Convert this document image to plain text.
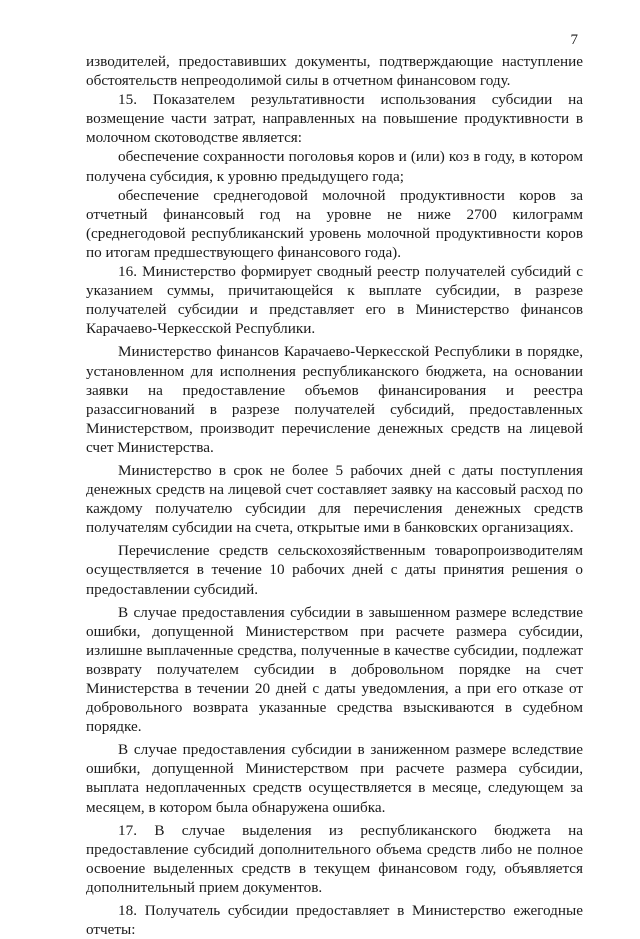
7

изводителей, предоставивших документы, подтверждающие наступление обстоятельств непреодолимой силы в отчетном финансовом году.

15. Показателем результативности использования субсидии на возмещение части затрат, направленных на повышение продуктивности в молочном скотоводстве является:

обеспечение сохранности поголовья коров и (или) коз в году, в котором получена субсидия, к уровню предыдущего года;

обеспечение среднегодовой молочной продуктивности коров за отчетный финансовый год на уровне не ниже 2700 килограмм (среднегодовой республиканский уровень молочной продуктивности коров по итогам предшествующего финансового года).

16. Министерство формирует сводный реестр получателей субсидий с указанием суммы, причитающейся к выплате субсидии, в разрезе получателей субсидии и представляет его в Министерство финансов Карачаево-Черкесской Республики.

Министерство финансов Карачаево-Черкесской Республики в порядке, установленном для исполнения республиканского бюджета, на основании заявки на предоставление объемов финансирования и реестра разассигнований в разрезе получателей субсидий, предоставленных Министерством, производит перечисление денежных средств на лицевой счет Министерства.

Министерство в срок не более 5 рабочих дней с даты поступления денежных средств на лицевой счет составляет заявку на кассовый расход по каждому получателю субсидии для перечисления денежных средств получателям субсидии на счета, открытые ими в банковских организациях.

Перечисление средств сельскохозяйственным товаропроизводителям осуществляется в течение 10 рабочих дней с даты принятия решения о предоставлении субсидий.

В случае предоставления субсидии в завышенном размере вследствие ошибки, допущенной Министерством при расчете размера субсидии, излишне выплаченные средства, полученные в качестве субсидии, подлежат возврату получателем субсидии в добровольном порядке на счет Министерства в течении 20 дней с даты уведомления, а при его отказе от добровольного возврата указанные средства взыскиваются в судебном порядке.

В случае предоставления субсидии в заниженном размере вследствие ошибки, допущенной Министерством при расчете размера субсидии, выплата недоплаченных средств осуществляется в месяце, следующем за месяцем, в котором была обнаружена ошибка.

17. В случае выделения из республиканского бюджета на предоставление субсидий дополнительного объема средств либо не полное освоение выделенных средств в текущем финансовом году, объявляется дополнительный прием документов.

18. Получатель субсидии предоставляет в Министерство ежегодные отчеты:
